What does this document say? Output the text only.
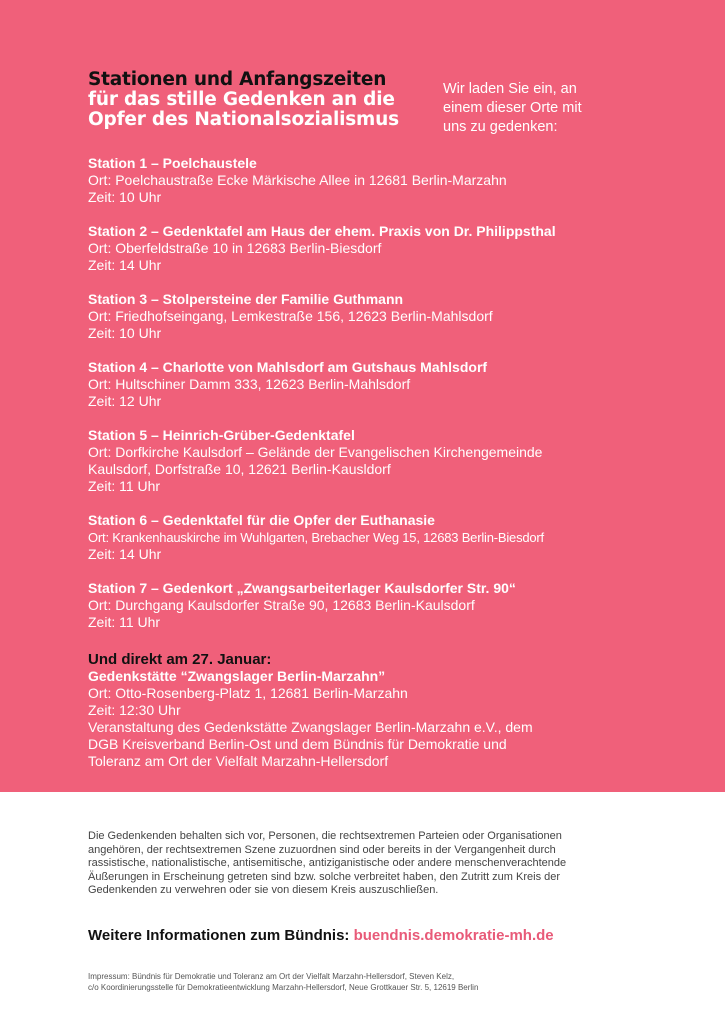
Stationen und Anfangszeiten
für das stille Gedenken an die
Opfer des Nationalsozialismus
Wir laden Sie ein, an
einem dieser Orte mit
uns zu gedenken:
Station 1 – Poelchaustele
Ort: Poelchaustraße Ecke Märkische Allee in 12681 Berlin-Marzahn
Zeit: 10 Uhr
Station 2 – Gedenktafel am Haus der ehem. Praxis von Dr. Philippsthal
Ort: Oberfeldstraße 10 in 12683 Berlin-Biesdorf
Zeit: 14 Uhr
Station 3 – Stolpersteine der Familie Guthmann
Ort: Friedhofseingang, Lemkestraße 156, 12623 Berlin-Mahlsdorf
Zeit: 10 Uhr
Station 4 – Charlotte von Mahlsdorf am Gutshaus Mahlsdorf
Ort: Hultschiner Damm 333, 12623 Berlin-Mahlsdorf
Zeit: 12 Uhr
Station 5 – Heinrich-Grüber-Gedenktafel
Ort: Dorfkirche Kaulsdorf – Gelände der Evangelischen Kirchengemeinde
Kaulsdorf, Dorfstraße 10, 12621 Berlin-Kausldorf
Zeit: 11 Uhr
Station 6 – Gedenktafel für die Opfer der Euthanasie
Ort: Krankenhauskirche im Wuhlgarten, Brebacher Weg 15, 12683 Berlin-Biesdorf
Zeit: 14 Uhr
Station 7 – Gedenkort „Zwangsarbeiterlager Kaulsdorfer Str. 90“
Ort: Durchgang Kaulsdorfer Straße 90, 12683 Berlin-Kaulsdorf
Zeit: 11 Uhr
Und direkt am 27. Januar:
Gedenkstätte “Zwangslager Berlin-Marzahn”
Ort: Otto-Rosenberg-Platz 1, 12681 Berlin-Marzahn
Zeit: 12:30 Uhr
Veranstaltung des Gedenkstätte Zwangslager Berlin-Marzahn e.V., dem
DGB Kreisverband Berlin-Ost und dem Bündnis für Demokratie und
Toleranz am Ort der Vielfalt Marzahn-Hellersdorf
Die Gedenkenden behalten sich vor, Personen, die rechtsextremen Parteien oder Organisationen
angehören, der rechtsextremen Szene zuzuordnen sind oder bereits in der Vergangenheit durch
rassistische, nationalistische, antisemitische, antiziganistische oder andere menschenverachtende
Äußerungen in Erscheinung getreten sind bzw. solche verbreitet haben, den Zutritt zum Kreis der
Gedenkenden zu verwehren oder sie von diesem Kreis auszuschließen.
Weitere Informationen zum Bündnis: buendnis.demokratie-mh.de
Impressum: Bündnis für Demokratie und Toleranz am Ort der Vielfalt Marzahn-Hellersdorf, Steven Kelz,
c/o Koordinierungsstelle für Demokratieentwicklung Marzahn-Hellersdorf, Neue Grottkauer Str. 5, 12619 Berlin
